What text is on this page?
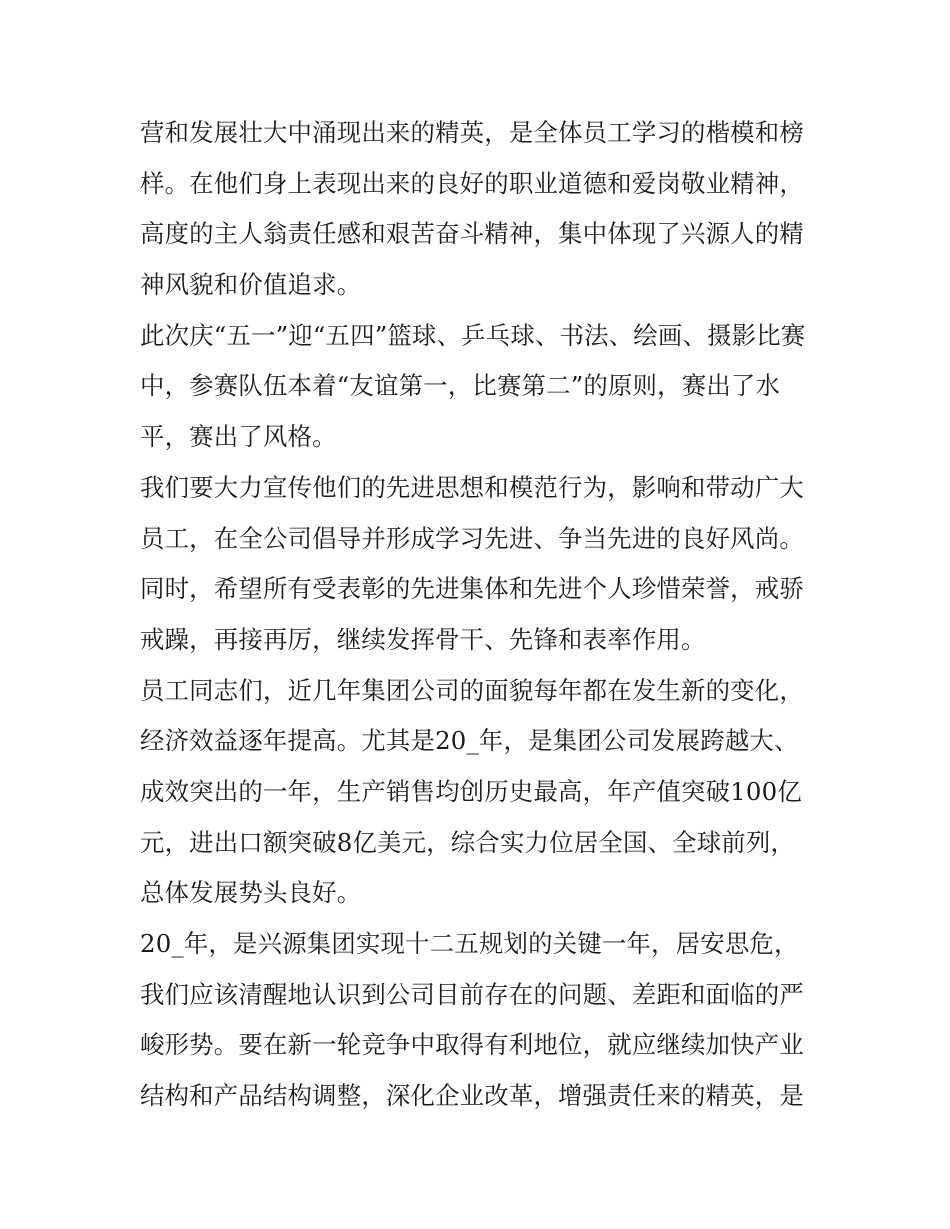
营和发展壮大中涌现出来的精英，是全体员工学习的楷模和榜
样。在他们身上表现出来的良好的职业道德和爱岗敬业精神，
高度的主人翁责任感和艰苦奋斗精神，集中体现了兴源人的精
神风貌和价值追求。

此次庆“五一”迎“五四”篮球、乒乓球、书法、绘画、摄影比赛
中，参赛队伍本着“友谊第一，比赛第二”的原则，赛出了水
平，赛出了风格。

我们要大力宣传他们的先进思想和模范行为，影响和带动广大
员工，在全公司倡导并形成学习先进、争当先进的良好风尚。
同时，希望所有受表彰的先进集体和先进个人珍惜荣誉，戒骄
戒躁，再接再厉，继续发挥骨干、先锋和表率作用。

员工同志们，近几年集团公司的面貌每年都在发生新的变化，
经济效益逐年提高。尤其是20_年，是集团公司发展跨越大、
成效突出的一年，生产销售均创历史最高，年产值突破100亿
元，进出口额突破8亿美元，综合实力位居全国、全球前列，
总体发展势头良好。

20_年，是兴源集团实现十二五规划的关键一年，居安思危，
我们应该清醒地认识到公司目前存在的问题、差距和面临的严
峻形势。要在新一轮竞争中取得有利地位，就应继续加快产业
结构和产品结构调整，深化企业改革，增强责任来的精英，是
